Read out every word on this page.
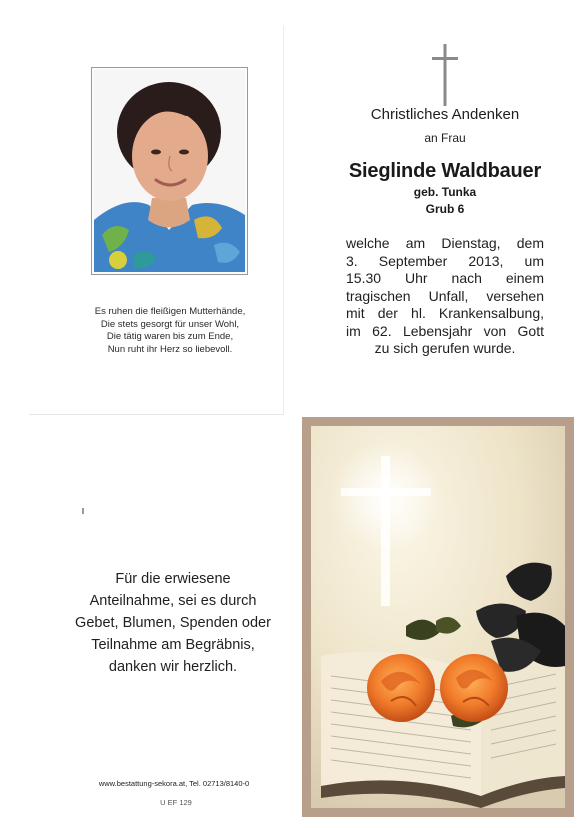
Es ruhen die fleißigen Mutterhände,
Die stets gesorgt für unser Wohl,
Die tätig waren bis zum Ende,
Nun ruht ihr Herz so liebevoll.
Christliches Andenken
an Frau
Sieglinde Waldbauer
geb. Tunka
Grub 6
welche am Dienstag, dem
3. September 2013, um
15.30 Uhr nach einem
tragischen Unfall, versehen
mit der hl. Krankensalbung,
im 62. Lebensjahr von Gott
zu sich gerufen wurde.
Für die erwiesene
Anteilnahme, sei es durch
Gebet, Blumen, Spenden oder
Teilnahme am Begräbnis,
danken wir herzlich.
www.bestattung-sekora.at, Tel. 02713/8140-0
U EF 129
